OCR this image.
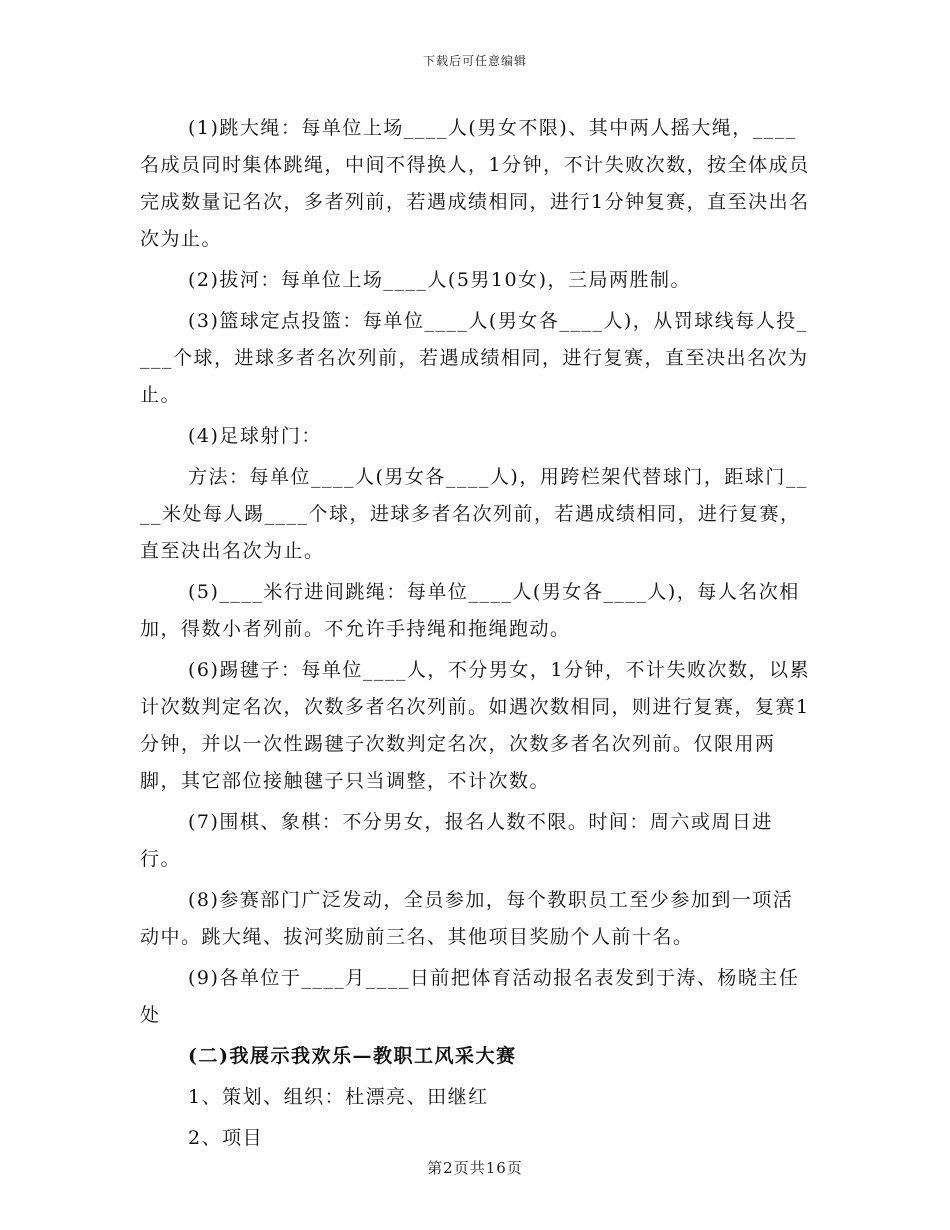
下载后可任意编辑

(1)跳大绳：每单位上场____人(男女不限)、其中两人摇大绳，____名成员同时集体跳绳，中间不得换人，1分钟，不计失败次数，按全体成员完成数量记名次，多者列前，若遇成绩相同，进行1分钟复赛，直至决出名次为止。

(2)拔河：每单位上场____人(5男10女)，三局两胜制。

(3)篮球定点投篮：每单位____人(男女各____人)，从罚球线每人投____个球，进球多者名次列前，若遇成绩相同，进行复赛，直至决出名次为止。

(4)足球射门：

方法：每单位____人(男女各____人)，用跨栏架代替球门，距球门____米处每人踢____个球，进球多者名次列前，若遇成绩相同，进行复赛，直至决出名次为止。

(5)____米行进间跳绳：每单位____人(男女各____人)，每人名次相加，得数小者列前。不允许手持绳和拖绳跑动。

(6)踢毽子：每单位____人，不分男女，1分钟，不计失败次数，以累计次数判定名次，次数多者名次列前。如遇次数相同，则进行复赛，复赛1分钟，并以一次性踢毽子次数判定名次，次数多者名次列前。仅限用两脚，其它部位接触毽子只当调整，不计次数。

(7)围棋、象棋：不分男女，报名人数不限。时间：周六或周日进行。

(8)参赛部门广泛发动，全员参加，每个教职员工至少参加到一项活动中。跳大绳、拔河奖励前三名、其他项目奖励个人前十名。

(9)各单位于____月____日前把体育活动报名表发到于涛、杨晓主任处

(二)我展示我欢乐—教职工风采大赛

1、策划、组织：杜漂亮、田继红

2、项目

第2页共16页
